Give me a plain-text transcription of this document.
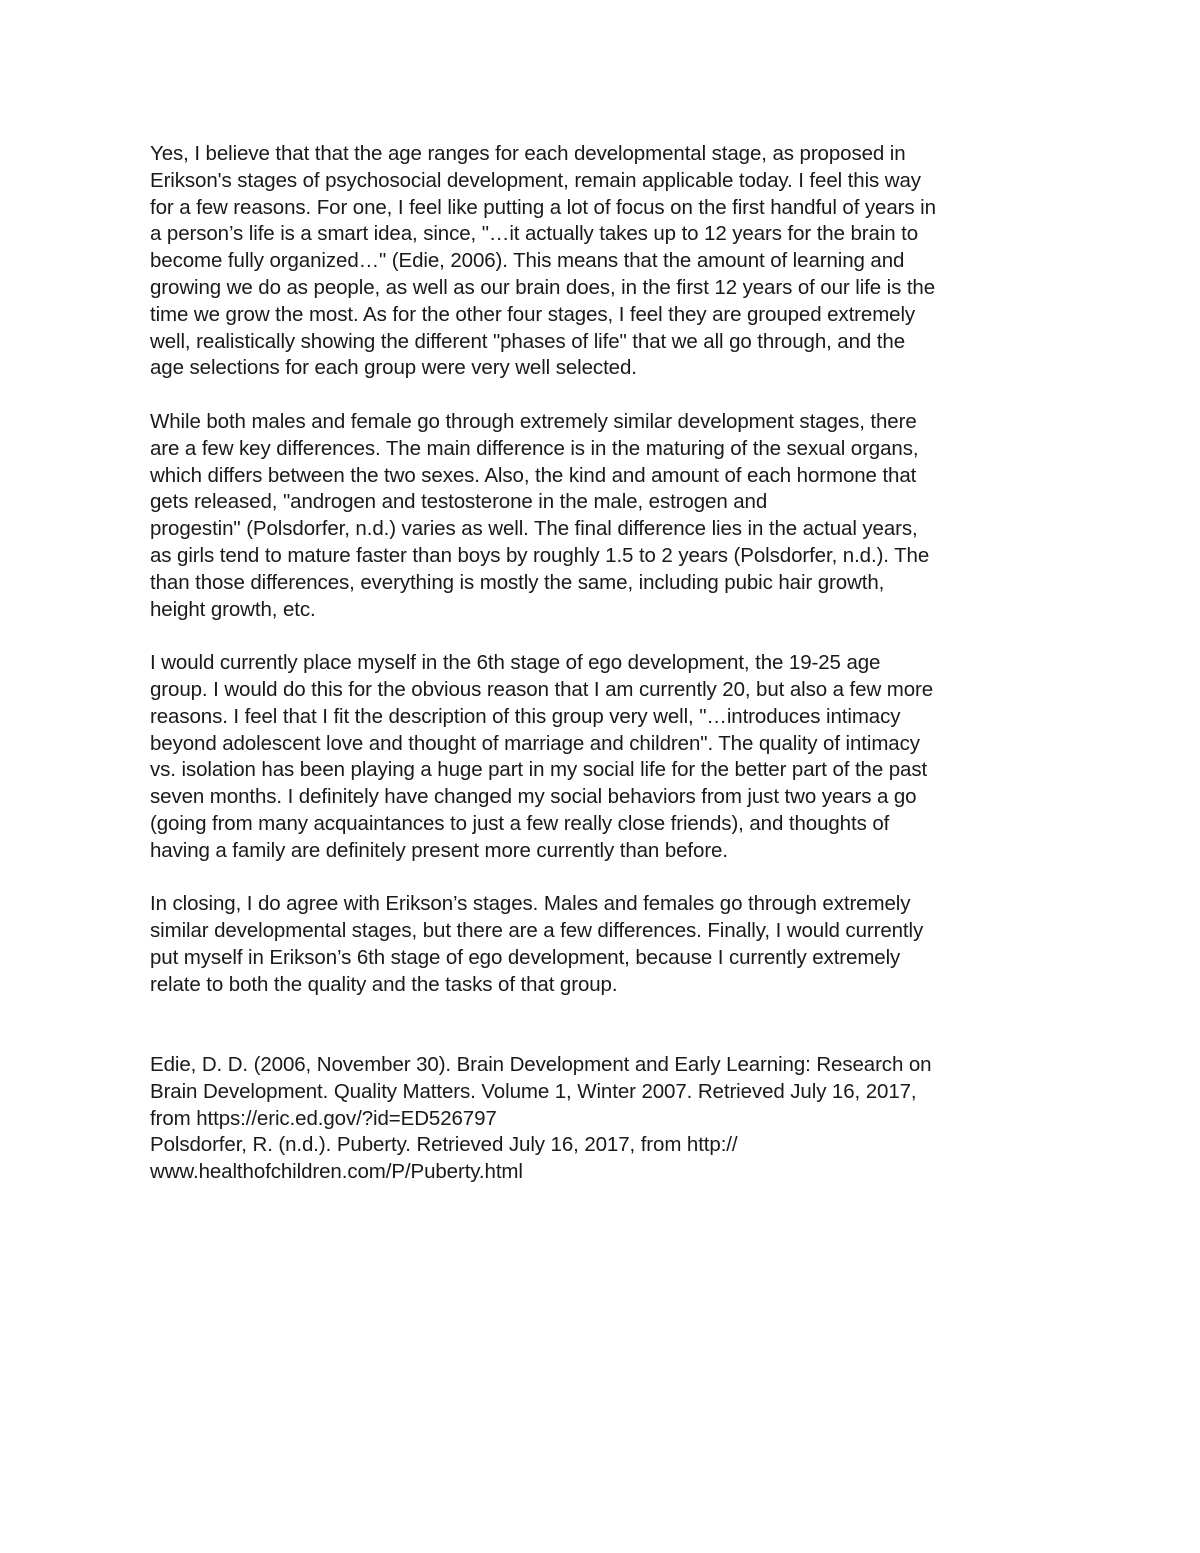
Yes, I believe that that the age ranges for each developmental stage, as proposed in
Erikson's stages of psychosocial development, remain applicable today. I feel this way
for a few reasons. For one, I feel like putting a lot of focus on the first handful of years in
a person’s life is a smart idea, since, "…it actually takes up to 12 years for the brain to
become fully organized…" (Edie, 2006). This means that the amount of learning and
growing we do as people, as well as our brain does, in the first 12 years of our life is the
time we grow the most. As for the other four stages, I feel they are grouped extremely
well, realistically showing the different "phases of life" that we all go through, and the
age selections for each group were very well selected.

While both males and female go through extremely similar development stages, there
are a few key differences. The main difference is in the maturing of the sexual organs,
which differs between the two sexes. Also, the kind and amount of each hormone that
gets released, "androgen and testosterone in the male, estrogen and
progestin" (Polsdorfer, n.d.) varies as well. The final difference lies in the actual years,
as girls tend to mature faster than boys by roughly 1.5 to 2 years (Polsdorfer, n.d.). The
than those differences, everything is mostly the same, including pubic hair growth,
height growth, etc.

I would currently place myself in the 6th stage of ego development, the 19-25 age
group. I would do this for the obvious reason that I am currently 20, but also a few more
reasons. I feel that I fit the description of this group very well, "…introduces intimacy
beyond adolescent love and thought of marriage and children". The quality of intimacy
vs. isolation has been playing a huge part in my social life for the better part of the past
seven months. I definitely have changed my social behaviors from just two years a go
(going from many acquaintances to just a few really close friends), and thoughts of
having a family are definitely present more currently than before.

In closing, I do agree with Erikson’s stages. Males and females go through extremely
similar developmental stages, but there are a few differences. Finally, I would currently
put myself in Erikson’s 6th stage of ego development, because I currently extremely
relate to both the quality and the tasks of that group.

Edie, D. D. (2006, November 30). Brain Development and Early Learning: Research on
Brain Development. Quality Matters. Volume 1, Winter 2007. Retrieved July 16, 2017,
from https://eric.ed.gov/?id=ED526797

Polsdorfer, R. (n.d.). Puberty. Retrieved July 16, 2017, from http://
www.healthofchildren.com/P/Puberty.html
